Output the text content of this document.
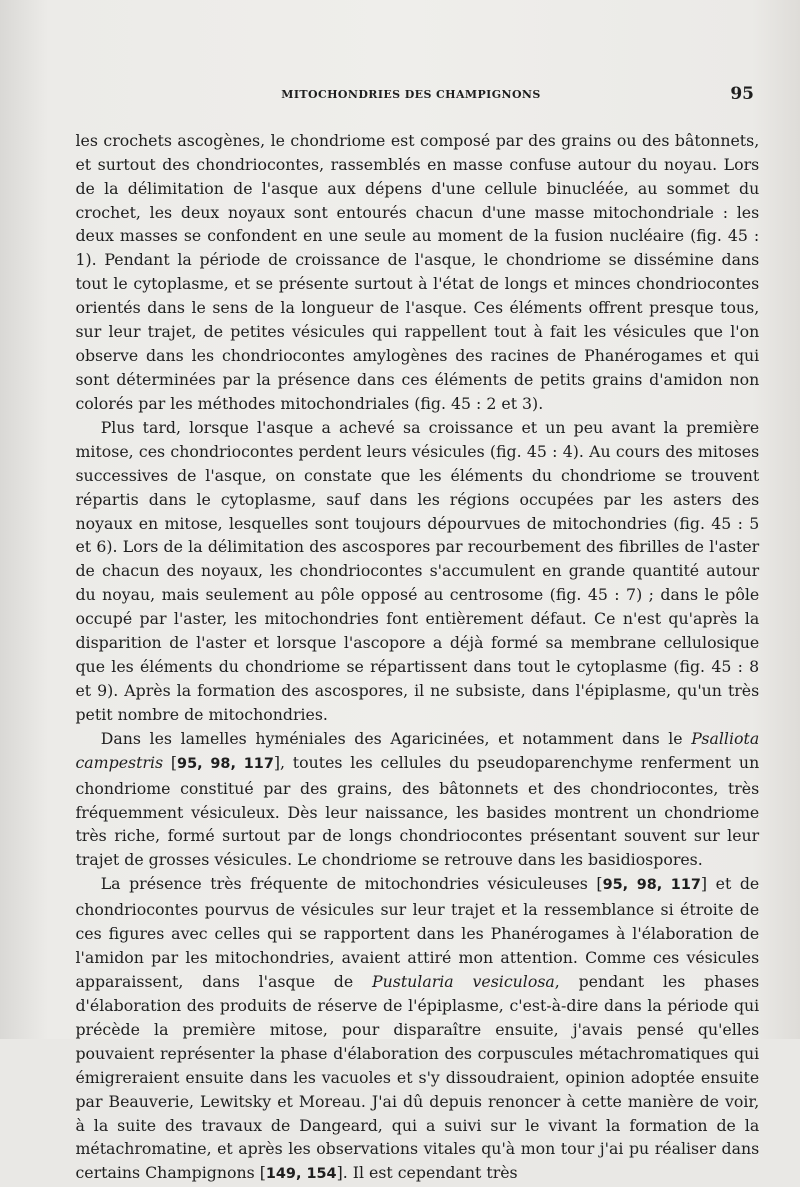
MITOCHONDRIES DES CHAMPIGNONS	95

les crochets ascogènes, le chondriome est composé par des grains ou des bâtonnets, et surtout des chondriocontes, rassemblés en masse confuse autour du noyau. Lors de la délimitation de l'asque aux dépens d'une cellule binucléée, au sommet du crochet, les deux noyaux sont entourés chacun d'une masse mitochondriale : les deux masses se confondent en une seule au moment de la fusion nucléaire (fig. 45 : 1). Pendant la période de croissance de l'asque, le chondriome se dissémine dans tout le cytoplasme, et se présente surtout à l'état de longs et minces chondriocontes orientés dans le sens de la longueur de l'asque. Ces éléments offrent presque tous, sur leur trajet, de petites vésicules qui rappellent tout à fait les vésicules que l'on observe dans les chondriocontes amylogènes des racines de Phanérogames et qui sont déterminées par la présence dans ces éléments de petits grains d'amidon non colorés par les méthodes mitochondriales (fig. 45 : 2 et 3).

Plus tard, lorsque l'asque a achevé sa croissance et un peu avant la première mitose, ces chondriocontes perdent leurs vésicules (fig. 45 : 4). Au cours des mitoses successives de l'asque, on constate que les éléments du chondriome se trouvent répartis dans le cytoplasme, sauf dans les régions occupées par les asters des noyaux en mitose, lesquelles sont toujours dépourvues de mitochondries (fig. 45 : 5 et 6). Lors de la délimitation des ascospores par recourbement des fibrilles de l'aster de chacun des noyaux, les chondriocontes s'accumulent en grande quantité autour du noyau, mais seulement au pôle opposé au centrosome (fig. 45 : 7) ; dans le pôle occupé par l'aster, les mitochondries font entièrement défaut. Ce n'est qu'après la disparition de l'aster et lorsque l'ascopore a déjà formé sa membrane cellulosique que les éléments du chondriome se répartissent dans tout le cytoplasme (fig. 45 : 8 et 9). Après la formation des ascospores, il ne subsiste, dans l'épiplasme, qu'un très petit nombre de mitochondries.

Dans les lamelles hyméniales des Agaricinées, et notamment dans le Psalliota campestris [95, 98, 117], toutes les cellules du pseudoparenchyme renferment un chondriome constitué par des grains, des bâtonnets et des chondriocontes, très fréquemment vésiculeux. Dès leur naissance, les basides montrent un chondriome très riche, formé surtout par de longs chondriocontes présentant souvent sur leur trajet de grosses vésicules. Le chondriome se retrouve dans les basidiospores.

La présence très fréquente de mitochondries vésiculeuses [95, 98, 117] et de chondriocontes pourvus de vésicules sur leur trajet et la ressemblance si étroite de ces figures avec celles qui se rapportent dans les Phanérogames à l'élaboration de l'amidon par les mitochondries, avaient attiré mon attention. Comme ces vésicules apparaissent, dans l'asque de Pustularia vesiculosa, pendant les phases d'élaboration des produits de réserve de l'épiplasme, c'est-à-dire dans la période qui précède la première mitose, pour disparaître ensuite, j'avais pensé qu'elles pouvaient représenter la phase d'élaboration des corpuscules métachromatiques qui émigreraient ensuite dans les vacuoles et s'y dissoudraient, opinion adoptée ensuite par Beauverie, Lewitsky et Moreau. J'ai dû depuis renoncer à cette manière de voir, à la suite des travaux de Dangeard, qui a suivi sur le vivant la formation de la métachromatine, et après les observations vitales qu'à mon tour j'ai pu réaliser dans certains Champignons [149, 154]. Il est cependant très
